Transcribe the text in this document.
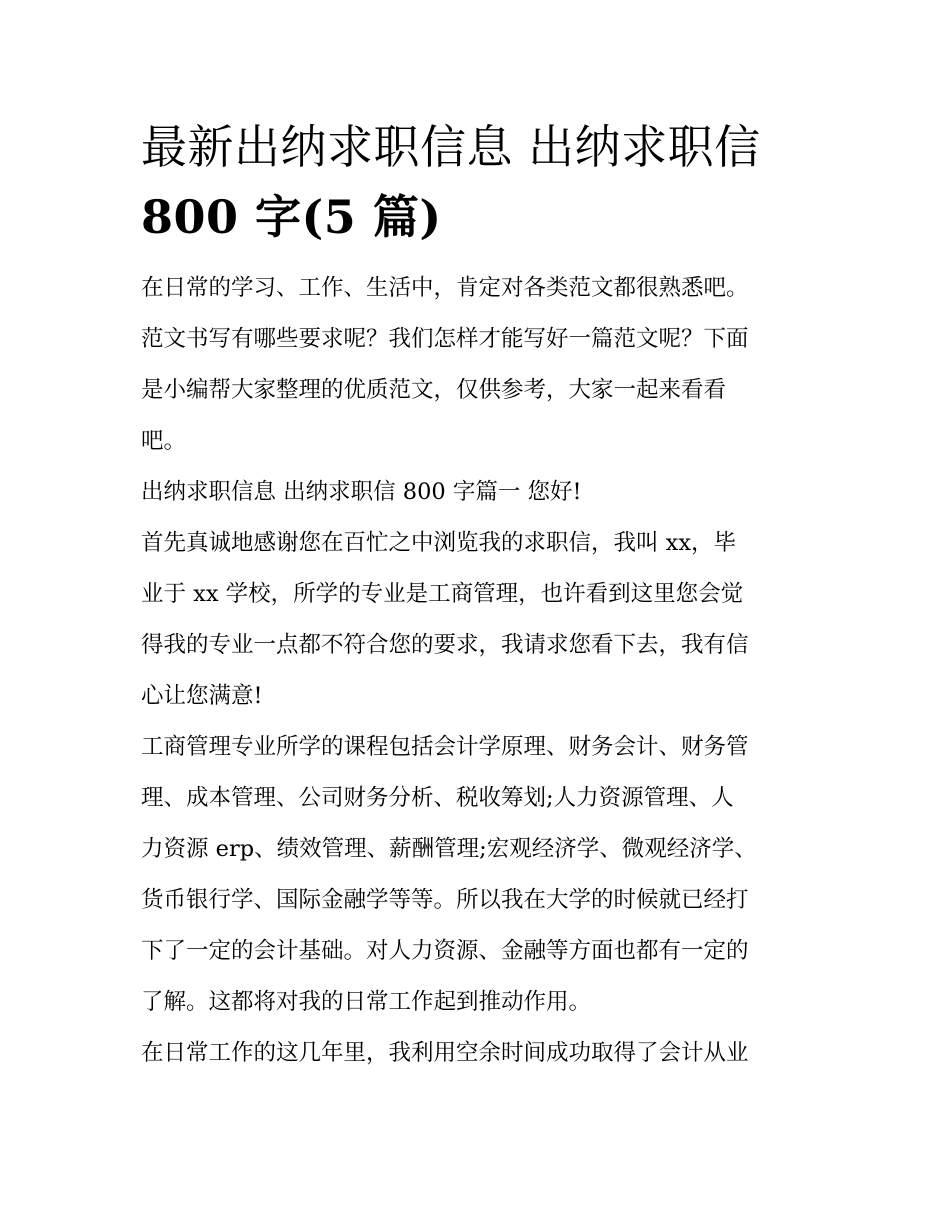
最新出纳求职信息 出纳求职信
800 字(5 篇)

在日常的学习、工作、生活中，肯定对各类范文都很熟悉吧。
范文书写有哪些要求呢？我们怎样才能写好一篇范文呢？下面
是小编帮大家整理的优质范文，仅供参考，大家一起来看看
吧。

出纳求职信息 出纳求职信 800 字篇一 您好!

首先真诚地感谢您在百忙之中浏览我的求职信，我叫 xx，毕
业于 xx 学校，所学的专业是工商管理，也许看到这里您会觉
得我的专业一点都不符合您的要求，我请求您看下去，我有信
心让您满意!

工商管理专业所学的课程包括会计学原理、财务会计、财务管
理、成本管理、公司财务分析、税收筹划;人力资源管理、人
力资源 erp、绩效管理、薪酬管理;宏观经济学、微观经济学、
货币银行学、国际金融学等等。所以我在大学的时候就已经打
下了一定的会计基础。对人力资源、金融等方面也都有一定的
了解。这都将对我的日常工作起到推动作用。

在日常工作的这几年里，我利用空余时间成功取得了会计从业
